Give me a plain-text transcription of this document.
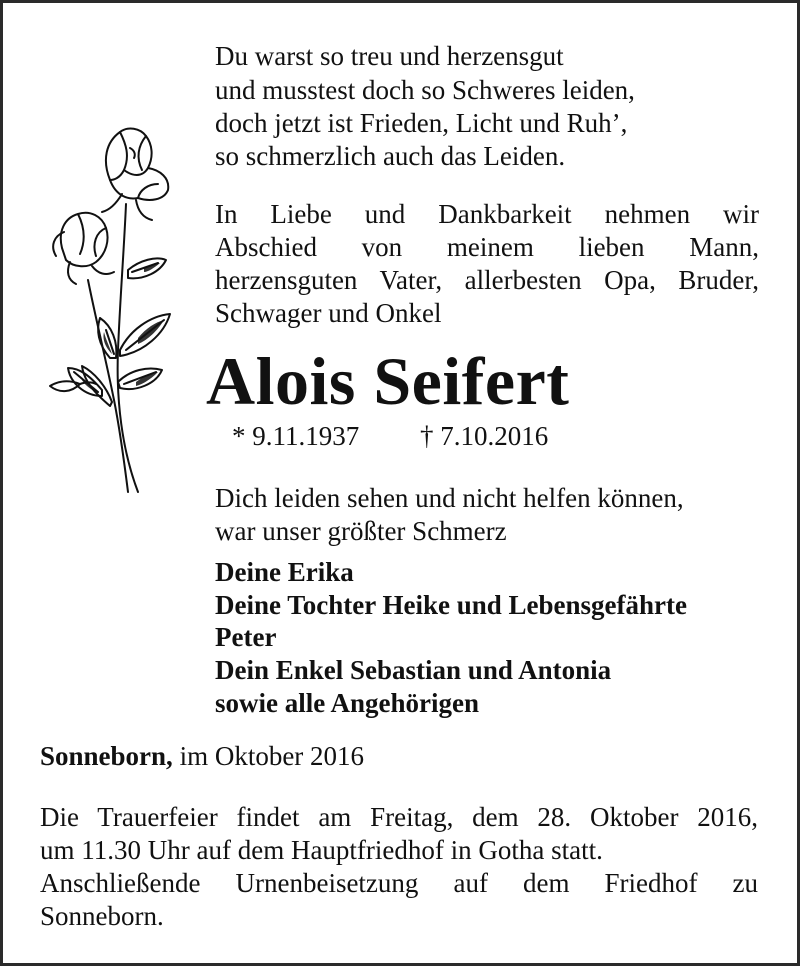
Du warst so treu und herzensgut
und musstest doch so Schweres leiden,
doch jetzt ist Frieden, Licht und Ruh’,
so schmerzlich auch das Leiden.
In Liebe und Dankbarkeit nehmen wir
Abschied von meinem lieben Mann,
herzensguten Vater, allerbesten Opa, Bruder,
Schwager und Onkel
Alois Seifert
* 9.11.1937 † 7.10.2016
Dich leiden sehen und nicht helfen können,
war unser größter Schmerz
Deine Erika
Deine Tochter Heike und Lebensgefährte
Peter
Dein Enkel Sebastian und Antonia
sowie alle Angehörigen
Sonneborn, im Oktober 2016
Die Trauerfeier findet am Freitag, dem 28. Oktober 2016,
um 11.30 Uhr auf dem Hauptfriedhof in Gotha statt.
Anschließende Urnenbeisetzung auf dem Friedhof zu
Sonneborn.
